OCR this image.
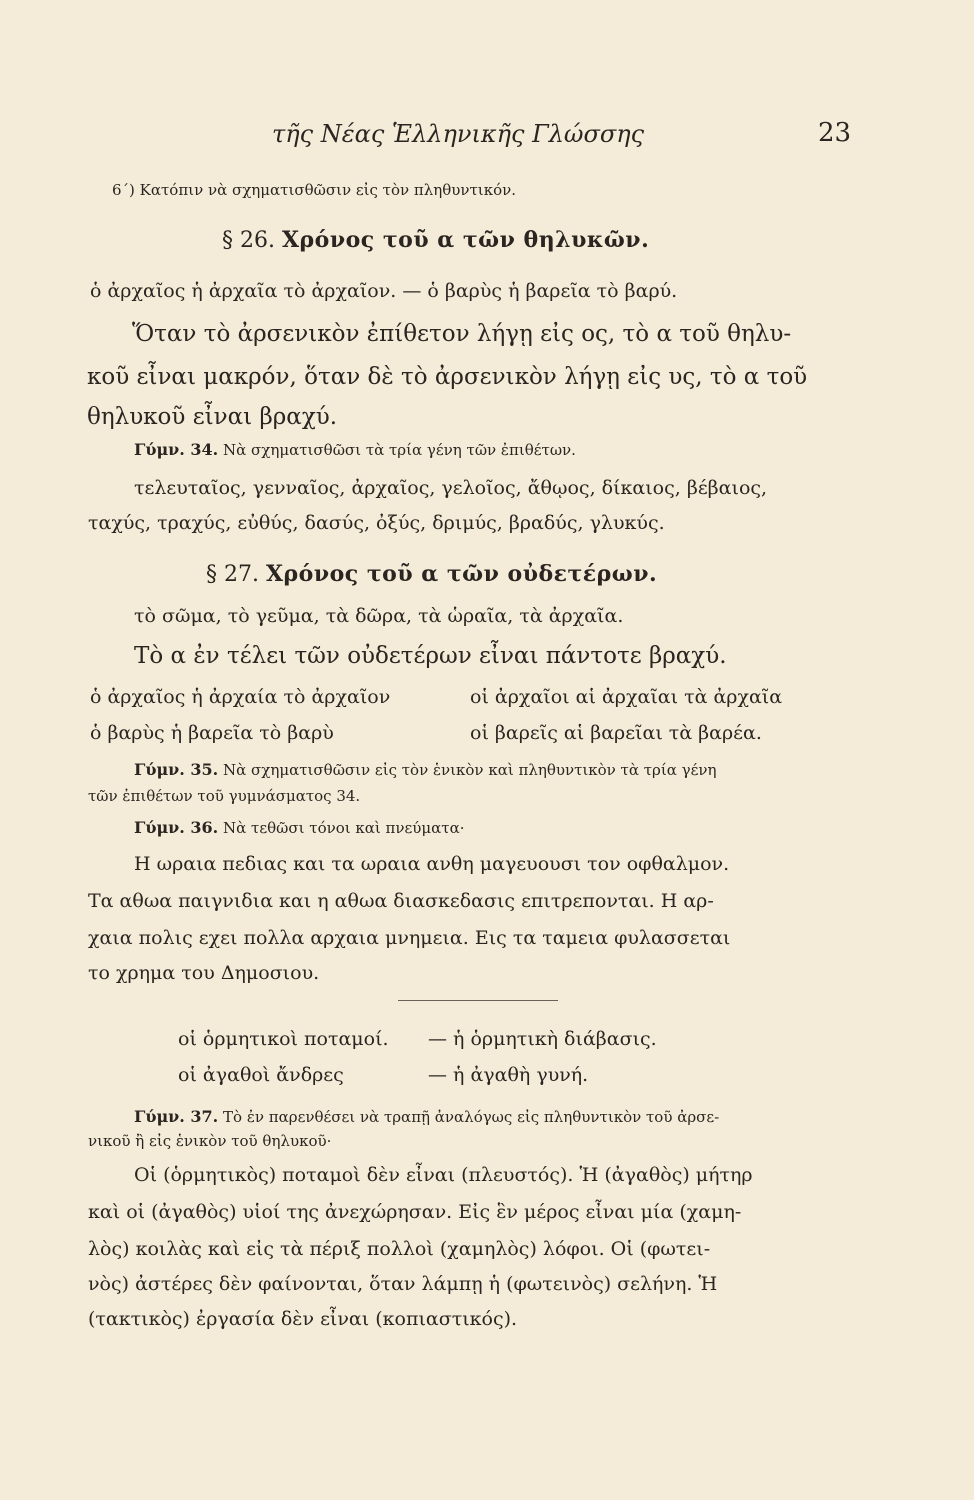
τῆς Νέας Ἑλληνικῆς Γλώσσης	23
6΄) Κατόπιν νὰ σχηματισθῶσιν εἰς τὸν πληθυντικόν.
§ 26. Χρόνος τοῦ α τῶν θηλυκῶν.
ὁ ἀρχαῖος ἡ ἀρχαῖα τὸ ἀρχαῖον. — ὁ βαρὺς ἡ βαρεῖα τὸ βαρύ.
Ὅταν τὸ ἀρσενικὸν ἐπίθετον λήγῃ εἰς ος, τὸ α τοῦ θηλυ-
κοῦ εἶναι μακρόν, ὅταν δὲ τὸ ἀρσενικὸν λήγῃ εἰς υς, τὸ α τοῦ
θηλυκοῦ εἶναι βραχύ.
Γύμν. 34. Νὰ σχηματισθῶσι τὰ τρία γένη τῶν ἐπιθέτων.
τελευταῖος, γενναῖος, ἀρχαῖος, γελοῖος, ἄθῳος, δίκαιος, βέβαιος,
ταχύς, τραχύς, εὐθύς, δασύς, ὀξύς, δριμύς, βραδύς, γλυκύς.
§ 27. Χρόνος τοῦ α τῶν οὐδετέρων.
τὸ σῶμα, τὸ γεῦμα, τὰ δῶρα, τὰ ὡραῖα, τὰ ἀρχαῖα.
Τὸ α ἐν τέλει τῶν οὐδετέρων εἶναι πάντοτε βραχύ.
ὁ ἀρχαῖος ἡ ἀρχαία τὸ ἀρχαῖον	οἱ ἀρχαῖοι αἱ ἀρχαῖαι τὰ ἀρχαῖα
ὁ βαρὺς ἡ βαρεῖα τὸ βαρὺ	οἱ βαρεῖς αἱ βαρεῖαι τὰ βαρέα.
Γύμν. 35. Νὰ σχηματισθῶσιν εἰς τὸν ἑνικὸν καὶ πληθυντικὸν τὰ τρία γένη
τῶν ἐπιθέτων τοῦ γυμνάσματος 34.
Γύμν. 36. Νὰ τεθῶσι τόνοι καὶ πνεύματα·
Η ωραια πεδιας και τα ωραια ανθη μαγευουσι τον οφθαλμον.
Τα αθωα παιγνιδια και η αθωα διασκεδασις επιτρεπονται. Η αρ-
χαια πολις εχει πολλα αρχαια μνημεια. Εις τα ταμεια φυλασσεται
το χρημα του Δημοσιου.
οἱ ὁρμητικοὶ ποταμοί. — ἡ ὁρμητικὴ διάβασις.
οἱ ἀγαθοὶ ἄνδρες	— ἡ ἀγαθὴ γυνή.
Γύμν. 37. Τὸ ἐν παρενθέσει νὰ τραπῇ ἀναλόγως εἰς πληθυντικὸν τοῦ ἀρσε-
νικοῦ ἢ εἰς ἑνικὸν τοῦ θηλυκοῦ·
Οἱ (ὁρμητικὸς) ποταμοὶ δὲν εἶναι (πλευστός). Ἡ (ἀγαθὸς) μήτηρ
καὶ οἱ (ἀγαθὸς) υἱοί της ἀνεχώρησαν. Εἰς ἓν μέρος εἶναι μία (χαμη-
λὸς) κοιλὰς καὶ εἰς τὰ πέριξ πολλοὶ (χαμηλὸς) λόφοι. Οἱ (φωτει-
νὸς) ἀστέρες δὲν φαίνονται, ὅταν λάμπῃ ἡ (φωτεινὸς) σελήνη. Ἡ
(τακτικὸς) ἐργασία δὲν εἶναι (κοπιαστικός).
